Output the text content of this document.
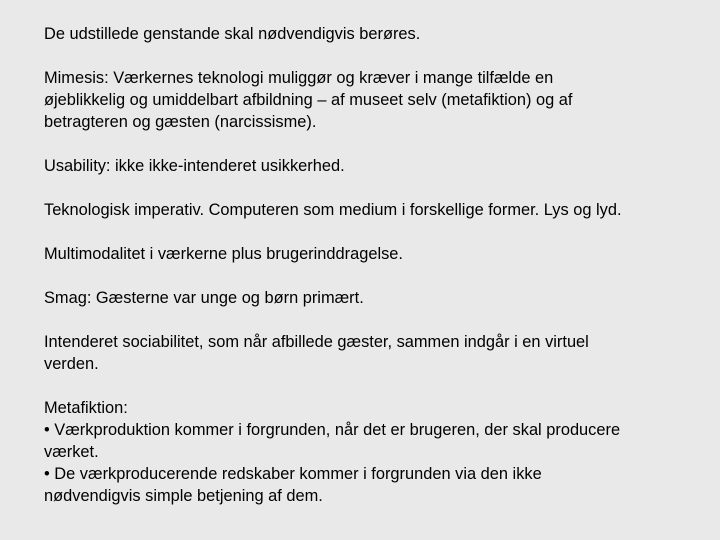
De udstillede genstande skal nødvendigvis berøres.

Mimesis: Værkernes teknologi muliggør og kræver i mange tilfælde en
øjeblikkelig og umiddelbart afbildning – af museet selv (metafiktion) og af
betragteren og gæsten (narcissisme).

Usability: ikke ikke-intenderet usikkerhed.

Teknologisk imperativ. Computeren som medium i forskellige former. Lys og lyd.

Multimodalitet i værkerne plus brugerinddragelse.

Smag: Gæsterne var unge og børn primært.

Intenderet sociabilitet, som når afbillede gæster, sammen indgår i en virtuel
verden.

Metafiktion:
• Værkproduktion kommer i forgrunden, når det er brugeren, der skal producere
værket.
• De værkproducerende redskaber kommer i forgrunden via den ikke
nødvendigvis simple betjening af dem.
